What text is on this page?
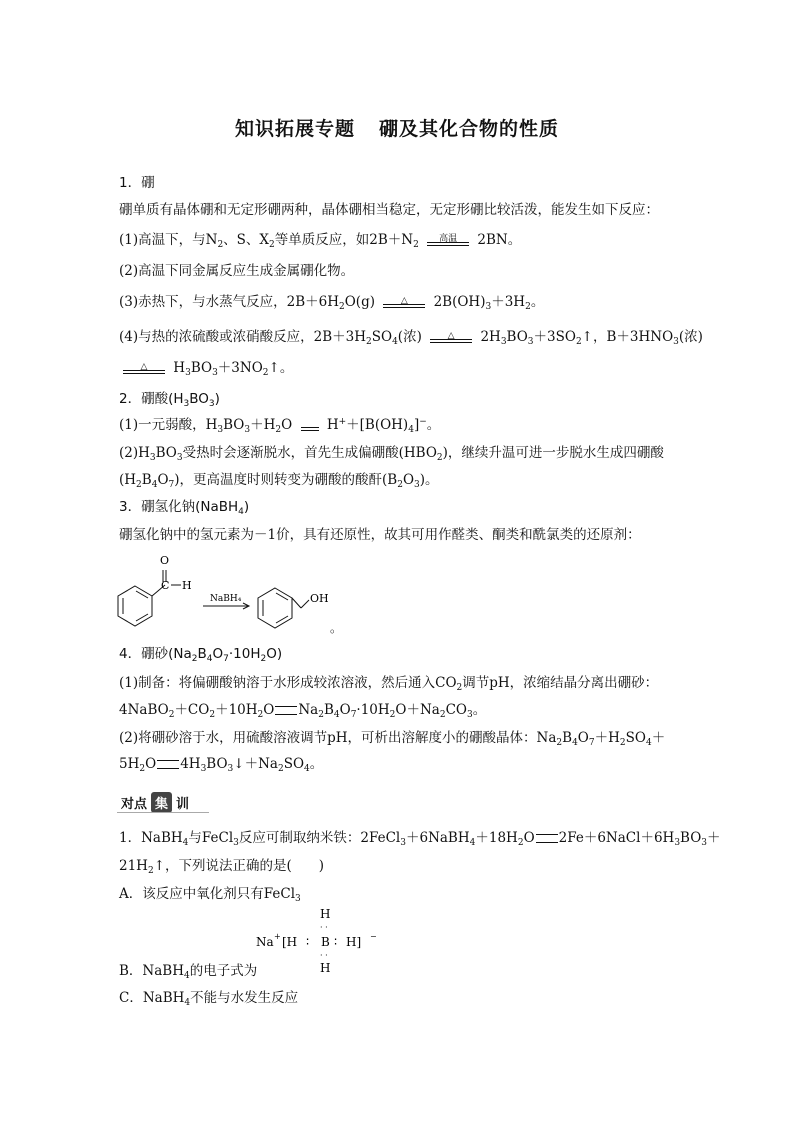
知识拓展专题 硼及其化合物的性质
1．硼
硼单质有晶体硼和无定形硼两种，晶体硼相当稳定，无定形硼比较活泼，能发生如下反应：
(1)高温下，与$N_2$、S、$X_2$等单质反应，如$2B+N_2$
高温	2BN。
(2)高温下同金属反应生成金属硼化物。
(3)赤热下，与水蒸气反应，$2B+6H_2O(g)$	△	$2B(OH)_3+3H_2$。
(4)与热的浓硫酸或浓硝酸反应，$2B+3H_2SO_4$(浓)	△	$2H_3BO_3+3SO_2↑$，$B+3HNO_3$(浓)
△	$H_3BO_3+3NO_2↑$。
2．硼酸$(H_3BO_3)$
(1)一元弱酸，$H_3BO_3+H_2O$	$H^++[B(OH)_4]^-$。
$(2)H_3BO_3$受热时会逐渐脱水，首先生成偏硼酸$(HBO_2)$，继续升温可进一步脱水生成四硼酸
$(H_2B_4O_7)$，更高温度时则转变为硼酸的酸酐$(B_2O_3)$。
3．硼氢化钠(NaBH$_4$)
硼氢化钠中的氢元素为－1价，具有还原性，故其可用作醛类、酮类和酰氯类的还原剂：
O
C H
NaBH₄	OH
。
4．硼砂$(Na_2B_4O_7\cdot 10H_2O)$
(1)制备：将偏硼酸钠溶于水形成较浓溶液，然后通入$CO_2$调节pH，浓缩结晶分离出硼砂：
$4NaBO_2+CO_2+10H_2O$ $Na_2B_4O_7\cdot 10H_2O+Na_2CO_3$。
(2)将硼砂溶于水，用硫酸溶液调节pH，可析出溶解度小的硼酸晶体：$Na_2B_4O_7+H_2SO_4+$
$5H_2O$ $4H_3BO_3↓+Na_2SO_4$。
对点 集 训
1．NaBH$_4$与FeCl$_3$反应可制取纳米铁：$2FeCl_3+6NaBH_4+18H_2O$ $2Fe+6NaCl+6H_3BO_3+$
$21H_2↑$，下列说法正确的是(　　)
A．该反应中氧化剂只有FeCl$_3$
H
· ·
Na + [H ∶ B ∶ H] −
· ·
H
B．NaBH$_4$的电子式为
C．NaBH$_4$不能与水发生反应
